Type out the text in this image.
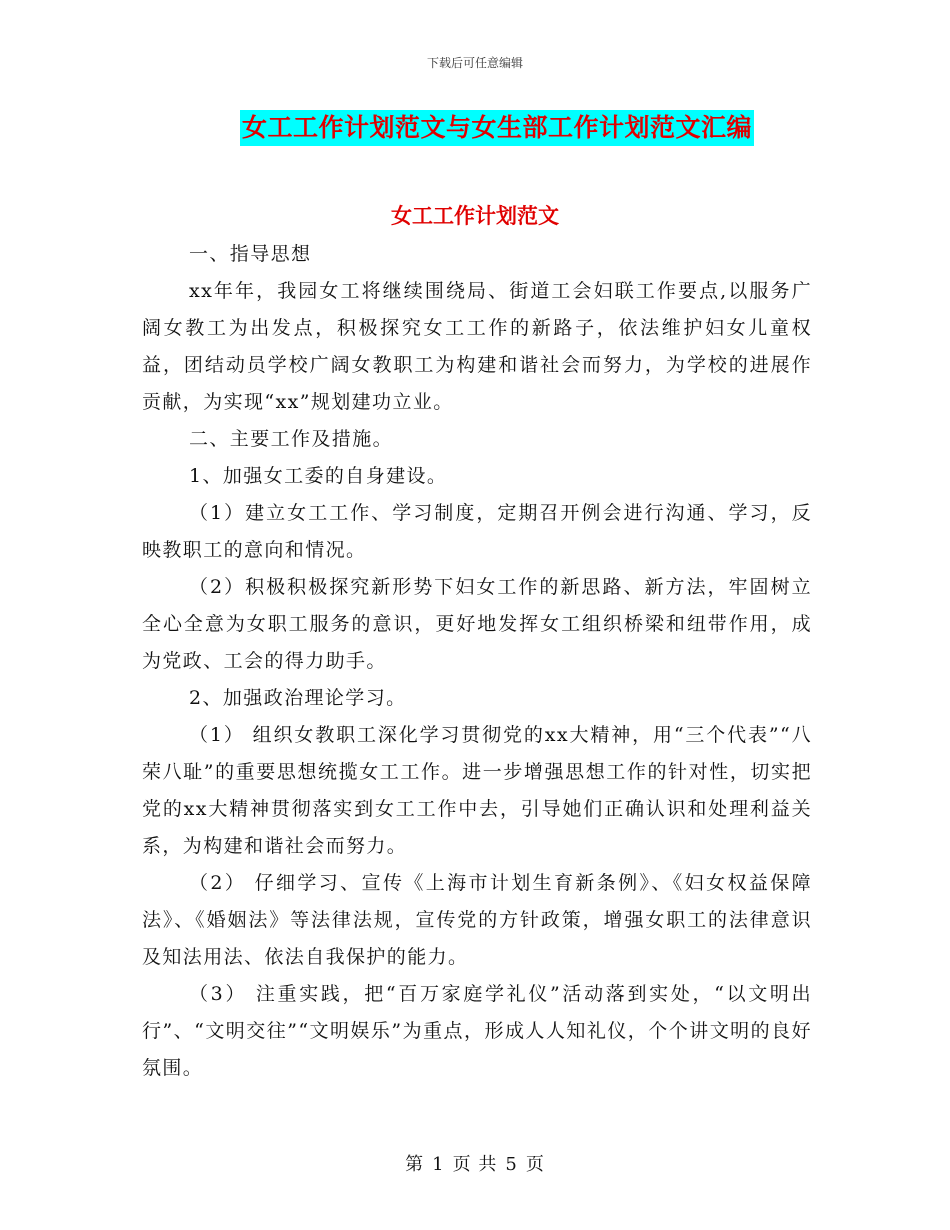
下载后可任意编辑
女工工作计划范文与女生部工作计划范文汇编
女工工作计划范文

一、指导思想

xx年年，我园女工将继续围绕局、街道工会妇联工作要点,以服务广阔女教工为出发点，积极探究女工工作的新路子，依法维护妇女儿童权益，团结动员学校广阔女教职工为构建和谐社会而努力，为学校的进展作贡献，为实现“xx”规划建功立业。

二、主要工作及措施。

1、加强女工委的自身建设。

（1）建立女工工作、学习制度，定期召开例会进行沟通、学习，反映教职工的意向和情况。

（2）积极积极探究新形势下妇女工作的新思路、新方法，牢固树立全心全意为女职工服务的意识，更好地发挥女工组织桥梁和纽带作用，成为党政、工会的得力助手。

2、加强政治理论学习。

（1） 组织女教职工深化学习贯彻党的xx大精神，用“三个代表”“八荣八耻”的重要思想统揽女工工作。进一步增强思想工作的针对性，切实把党的xx大精神贯彻落实到女工工作中去，引导她们正确认识和处理利益关系，为构建和谐社会而努力。

（2） 仔细学习、宣传《上海市计划生育新条例》、《妇女权益保障法》、《婚姻法》等法律法规，宣传党的方针政策，增强女职工的法律意识及知法用法、依法自我保护的能力。

（3） 注重实践，把“百万家庭学礼仪”活动落到实处，“以文明出行”、“文明交往”“文明娱乐”为重点，形成人人知礼仪，个个讲文明的良好氛围。

第 1 页 共 5 页
